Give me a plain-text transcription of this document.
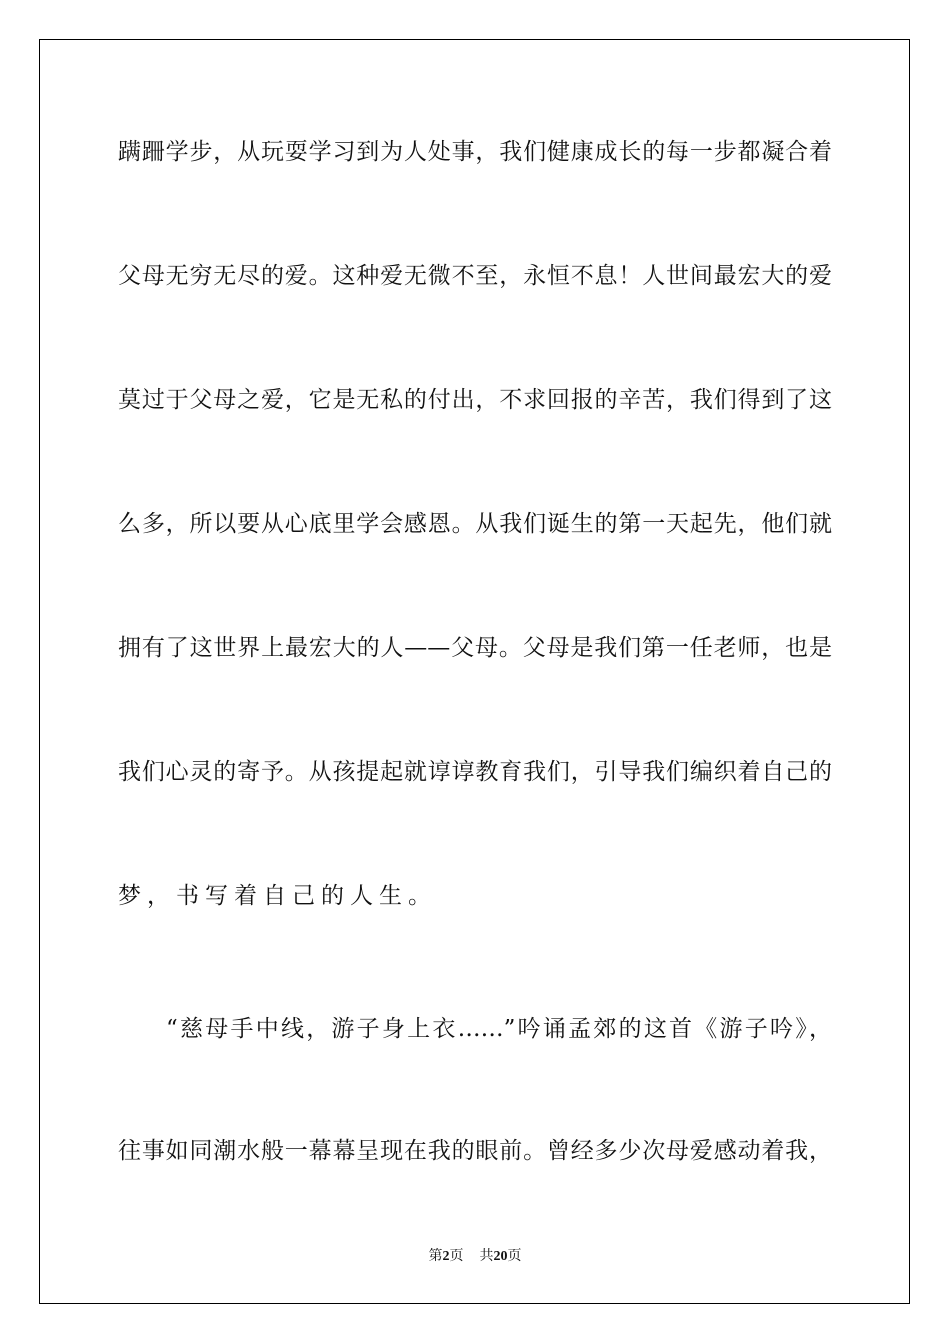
蹒跚学步，从玩耍学习到为人处事，我们健康成长的每一步都凝合着
父母无穷无尽的爱。这种爱无微不至，永恒不息！人世间最宏大的爱
莫过于父母之爱，它是无私的付出，不求回报的辛苦，我们得到了这
么多，所以要从心底里学会感恩。从我们诞生的第一天起先，他们就
拥有了这世界上最宏大的人——父母。父母是我们第一任老师，也是
我们心灵的寄予。从孩提起就谆谆教育我们，引导我们编织着自己的
梦，书写着自己的人生。
“慈母手中线，游子身上衣……”吟诵孟郊的这首《游子吟》，
往事如同潮水般一幕幕呈现在我的眼前。曾经多少次母爱感动着我，
第2页 共20页
